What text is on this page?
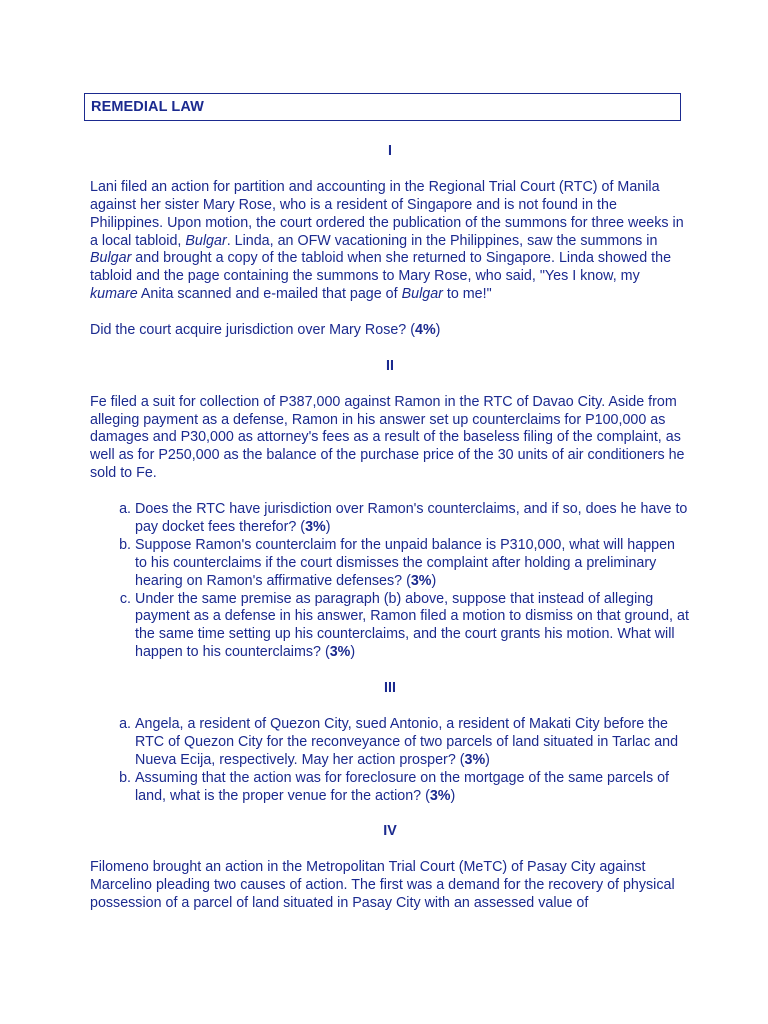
REMEDIAL LAW

I

Lani filed an action for partition and accounting in the Regional Trial Court (RTC) of Manila against her sister Mary Rose, who is a resident of Singapore and is not found in the Philippines. Upon motion, the court ordered the publication of the summons for three weeks in a local tabloid, Bulgar. Linda, an OFW vacationing in the Philippines, saw the summons in Bulgar and brought a copy of the tabloid when she returned to Singapore. Linda showed the tabloid and the page containing the summons to Mary Rose, who said, "Yes I know, my kumare Anita scanned and e-mailed that page of Bulgar to me!"

Did the court acquire jurisdiction over Mary Rose? (4%)

II

Fe filed a suit for collection of P387,000 against Ramon in the RTC of Davao City. Aside from alleging payment as a defense, Ramon in his answer set up counterclaims for P100,000 as damages and P30,000 as attorney's fees as a result of the baseless filing of the complaint, as well as for P250,000 as the balance of the purchase price of the 30 units of air conditioners he sold to Fe.

a. Does the RTC have jurisdiction over Ramon's counterclaims, and if so, does he have to pay docket fees therefor? (3%)
b. Suppose Ramon's counterclaim for the unpaid balance is P310,000, what will happen to his counterclaims if the court dismisses the complaint after holding a preliminary hearing on Ramon's affirmative defenses? (3%)
c. Under the same premise as paragraph (b) above, suppose that instead of alleging payment as a defense in his answer, Ramon filed a motion to dismiss on that ground, at the same time setting up his counterclaims, and the court grants his motion. What will happen to his counterclaims? (3%)

III

a. Angela, a resident of Quezon City, sued Antonio, a resident of Makati City before the RTC of Quezon City for the reconveyance of two parcels of land situated in Tarlac and Nueva Ecija, respectively. May her action prosper? (3%)
b. Assuming that the action was for foreclosure on the mortgage of the same parcels of land, what is the proper venue for the action? (3%)

IV

Filomeno brought an action in the Metropolitan Trial Court (MeTC) of Pasay City against Marcelino pleading two causes of action. The first was a demand for the recovery of physical possession of a parcel of land situated in Pasay City with an assessed value of
